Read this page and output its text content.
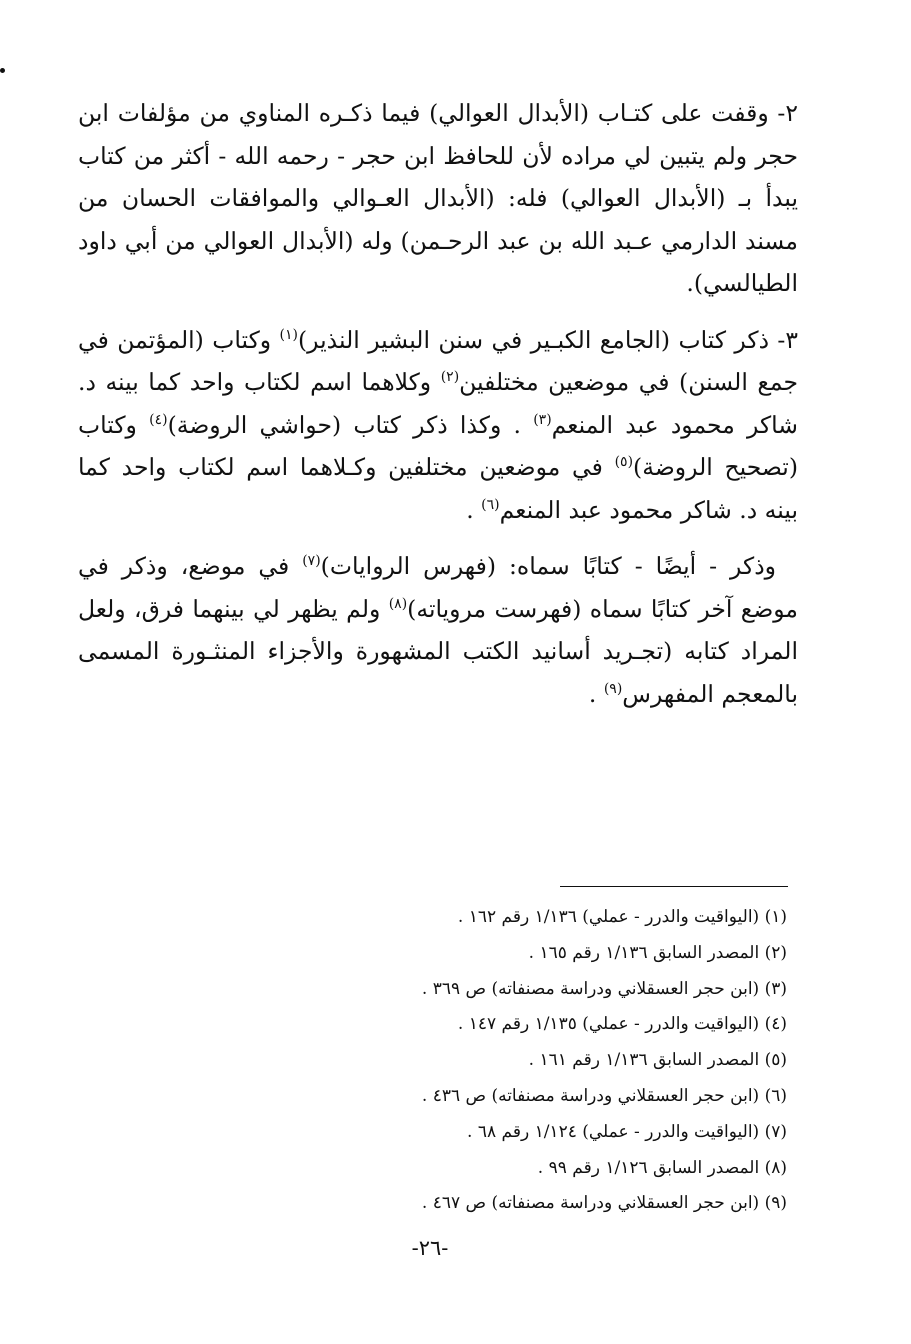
٢- وقفت على كتـاب (الأبدال العوالي) فيما ذكـره المناوي من مؤلفات ابن حجر ولم يتبين لي مراده لأن للحافظ ابن حجر - رحمه الله - أكثر من كتاب يبدأ بـ (الأبدال العوالي) فله: (الأبدال العـوالي والموافقات الحسان من مسند الدارمي عـبد الله بن عبد الرحـمن) وله (الأبدال العوالي من أبي داود الطيالسي).

٣- ذكر كتاب (الجامع الكبـير في سنن البشير النذير)$^{(١)}$ وكتاب (المؤتمن في جمع السنن) في موضعين مختلفين$^{(٢)}$ وكلاهما اسم لكتاب واحد كما بينه د. شاكر محمود عبد المنعم$^{(٣)}$ . وكذا ذكر كتاب (حواشي الروضة)$^{(٤)}$ وكتاب (تصحيح الروضة)$^{(٥)}$ في موضعين مختلفين وكـلاهما اسم لكتاب واحد كما بينه د. شاكر محمود عبد المنعم$^{(٦)}$ .

وذكر - أيضًا - كتابًا سماه: (فهرس الروايات)$^{(٧)}$ في موضع، وذكر في موضع آخر كتابًا سماه (فهرست مروياته)$^{(٨)}$ ولم يظهر لي بينهما فرق، ولعل المراد كتابه (تجـريد أسانيد الكتب المشهورة والأجزاء المنثـورة المسمى بالمعجم المفهرس$^{(٩)}$ .

(١) (اليواقيت والدرر - عملي) ١/١٣٦ رقم ١٦٢ .
(٢) المصدر السابق ١/١٣٦ رقم ١٦٥ .
(٣) (ابن حجر العسقلاني ودراسة مصنفاته) ص ٣٦٩ .
(٤) (اليواقيت والدرر - عملي) ١/١٣٥ رقم ١٤٧ .
(٥) المصدر السابق ١/١٣٦ رقم ١٦١ .
(٦) (ابن حجر العسقلاني ودراسة مصنفاته) ص ٤٣٦ .
(٧) (اليواقيت والدرر - عملي) ١/١٢٤ رقم ٦٨ .
(٨) المصدر السابق ١/١٢٦ رقم ٩٩ .
(٩) (ابن حجر العسقلاني ودراسة مصنفاته) ص ٤٦٧ .
-٢٦-
